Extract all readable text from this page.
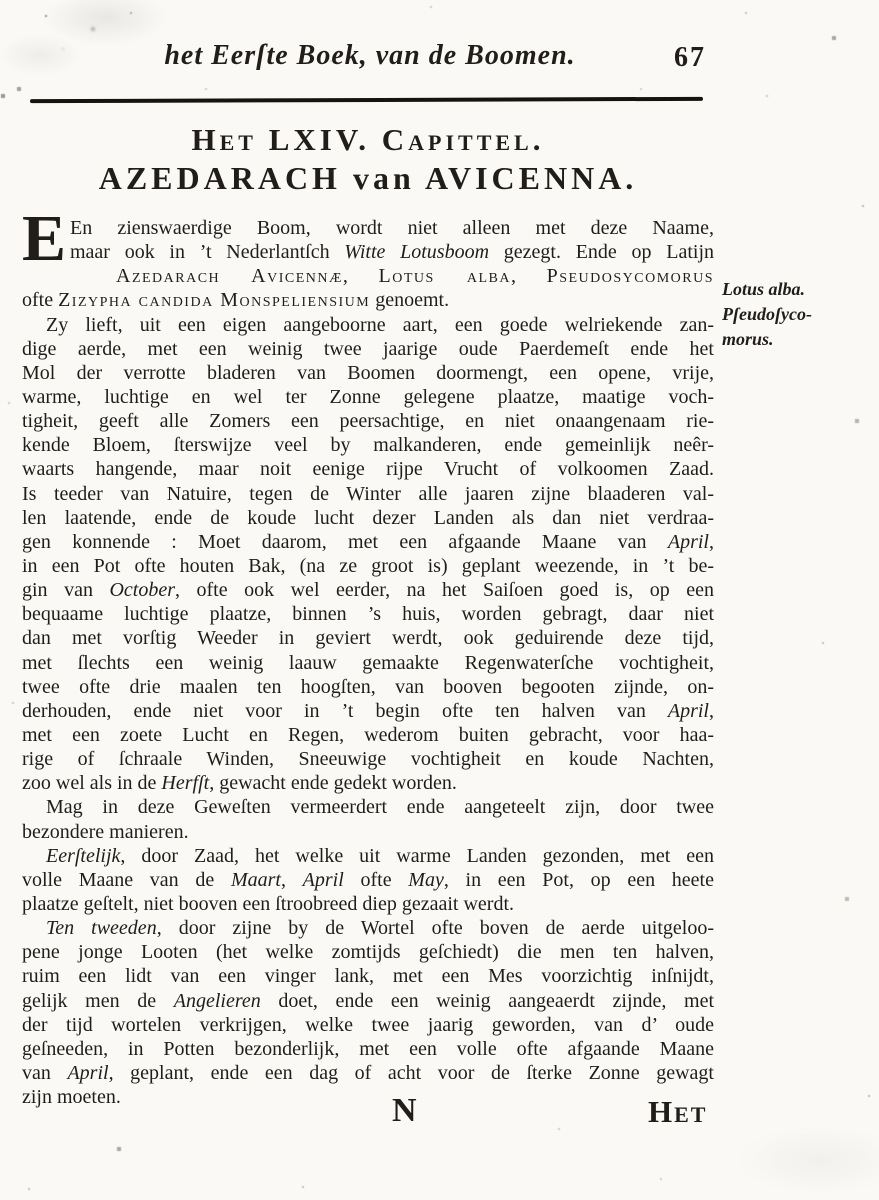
het Eerſte Boek, van de Boomen.	67
Het LXIV. Capittel.
AZEDARACH van AVICENNA.
E En zienswaerdige Boom, wordt niet alleen met deze Naame,
maar ook in ’t Nederlantſch Witte Lotusboom gezegt. Ende op Latijn
Azedarach Avicennæ, Lotus alba, Pseudosycomorus
ofte Zizypha candida Monspeliensium genoemt.
Zy lieft, uit een eigen aangeboorne aart, een goede welriekende zan-
dige aerde, met een weinig twee jaarige oude Paerdemeſt ende het
Mol der verrotte bladeren van Boomen doormengt, een opene, vrije,
warme, luchtige en wel ter Zonne gelegene plaatze, maatige voch-
tigheit, geeft alle Zomers een peersachtige, en niet onaangenaam rie-
kende Bloem, ſterswijze veel by malkanderen, ende gemeinlijk neêr-
waarts hangende, maar noit eenige rijpe Vrucht of volkoomen Zaad.
Is teeder van Natuire, tegen de Winter alle jaaren zijne blaaderen val-
len laatende, ende de koude lucht dezer Landen als dan niet verdraa-
gen konnende : Moet daarom, met een afgaande Maane van April,
in een Pot ofte houten Bak, (na ze groot is) geplant weezende, in ’t be-
gin van October, ofte ook wel eerder, na het Saiſoen goed is, op een
bequaame luchtige plaatze, binnen ’s huis, worden gebragt, daar niet
dan met vorſtig Weeder in geviert werdt, ook geduirende deze tijd,
met ſlechts een weinig laauw gemaakte Regenwaterſche vochtigheit,
twee ofte drie maalen ten hoogſten, van booven begooten zijnde, on-
derhouden, ende niet voor in ’t begin ofte ten halven van April,
met een zoete Lucht en Regen, wederom buiten gebracht, voor haa-
rige of ſchraale Winden, Sneeuwige vochtigheit en koude Nachten,
zoo wel als in de Herfſt, gewacht ende gedekt worden.
Mag in deze Geweſten vermeerdert ende aangeteelt zijn, door twee
bezondere manieren.
Eerſtelijk, door Zaad, het welke uit warme Landen gezonden, met een
volle Maane van de Maart, April ofte May, in een Pot, op een heete
plaatze geſtelt, niet booven een ſtroobreed diep gezaait werdt.
Ten tweeden, door zijne by de Wortel ofte boven de aerde uitgeloo-
pene jonge Looten (het welke zomtijds geſchiedt) die men ten halven,
ruim een lidt van een vinger lank, met een Mes voorzichtig inſnijdt,
gelijk men de Angelieren doet, ende een weinig aangeaerdt zijnde, met
der tijd wortelen verkrijgen, welke twee jaarig geworden, van d’ oude
geſneeden, in Potten bezonderlijk, met een volle ofte afgaande Maane
van April, geplant, ende een dag of acht voor de ſterke Zonne gewagt
zijn moeten.
Lotus alba.
Pſeudoſyco-
morus.
N	Het
